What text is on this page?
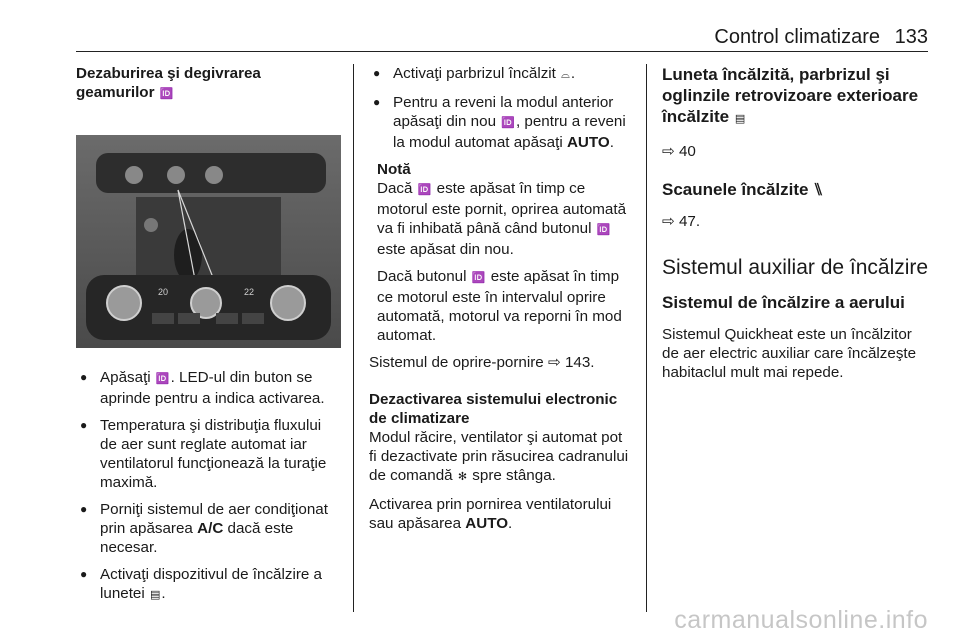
Control climatizare 133
Dezaburirea şi degivrarea geamurilor 🆔
20	22
● Apăsaţi 🆔. LED-ul din buton se aprinde pentru a indica activarea.
● Temperatura şi distribuţia fluxului de aer sunt reglate automat iar ventilatorul funcţionează la turaţie maximă.
● Porniţi sistemul de aer condiţionat prin apăsarea A/C dacă este necesar.
● Activaţi dispozitivul de încălzire a lunetei ▤.
● Activaţi parbrizul încălzit ⌓.
● Pentru a reveni la modul anterior apăsaţi din nou 🆔, pentru a reveni la modul automat apăsaţi AUTO.

Notă

Dacă 🆔 este apăsat în timp ce motorul este pornit, oprirea automată va fi inhibată până când butonul 🆔 este apăsat din nou.

Dacă butonul 🆔 este apăsat în timp ce motorul este în intervalul oprire automată, motorul va reporni în mod automat.

Sistemul de oprire-pornire ⇨ 143.

Dezactivarea sistemului electronic de climatizare

Modul răcire, ventilator şi automat pot fi dezactivate prin răsucirea cadranului de comandă ✻ spre stânga.

Activarea prin pornirea ventilatorului sau apăsarea AUTO.

Luneta încălzită, parbrizul şi oglinzile retrovizoare exterioare încălzite ▤

⇨ 40

Scaunele încălzite ⑊

⇨ 47.

Sistemul auxiliar de încălzire
Sistemul de încălzire a aerului

Sistemul Quickheat este un încălzitor de aer electric auxiliar care încălzeşte habitaclul mult mai repede.

carmanualsonline.info
